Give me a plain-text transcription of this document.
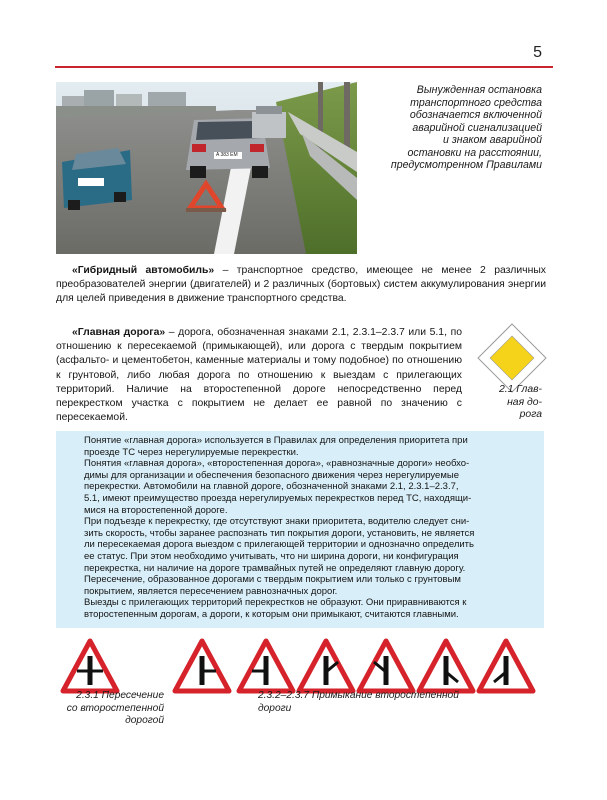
5
A 383 EM
Вынужденная остановка
транспортного средства
обозначается включенной
аварийной сигнализацией
и знаком аварийной
остановки на расстоянии,
предусмотренном Правилами
«Гибридный автомобиль» – транспортное средство, имеющее не менее 2 различных преобразователей энергии (двигателей) и 2 различных (бортовых) систем аккумулирования энергии для целей приведения в движение транспортного средства.
«Главная дорога» – дорога, обозначенная знаками 2.1, 2.3.1–2.3.7 или 5.1, по отношению к пересекаемой (примыкающей), или дорога с твердым покрытием (асфальто- и цементобетон, каменные материалы и тому подобное) по отношению к грунтовой, либо любая дорога по отношению к выездам с прилегающих территорий. Наличие на второстепенной дороге непосредственно перед перекрестком участка с покрытием не делает ее равной по значению с пересекаемой.
2.1 Глав-
ная до-
рога

Понятие «главная дорога» используется в Правилах для определения приоритета при

проезде ТС через нерегулируемые перекрестки.

Понятия «главная дорога», «второстепенная дорога», «равнозначные дороги» необхо-

димы для организации и обеспечения безопасного движения через нерегулируемые

перекрестки. Автомобили на главной дороге, обозначенной знаками 2.1, 2.3.1–2.3.7,

5.1, имеют преимущество проезда нерегулируемых перекрестков перед ТС, находящи-

мися на второстепенной дороге.

При подъезде к перекрестку, где отсутствуют знаки приоритета, водителю следует сни-

зить скорость, чтобы заранее распознать тип покрытия дороги, установить, не является

ли пересекаемая дорога выездом с прилегающей территории и однозначно определить

ее статус. При этом необходимо учитывать, что ни ширина дороги, ни конфигурация

перекрестка, ни наличие на дороге трамвайных путей не определяют главную дорогу.

Пересечение, образованное дорогами с твердым покрытием или только с грунтовым

покрытием, является пересечением равнозначных дорог.

Выезды с прилегающих территорий перекрестков не образуют. Они приравниваются к

второстепенным дорогам, а дороги, к которым они примыкают, считаются главными.

2.3.1 Пересечение
со второстепенной
дорогой
2.3.2–2.3.7 Примыкание второстепенной дороги
